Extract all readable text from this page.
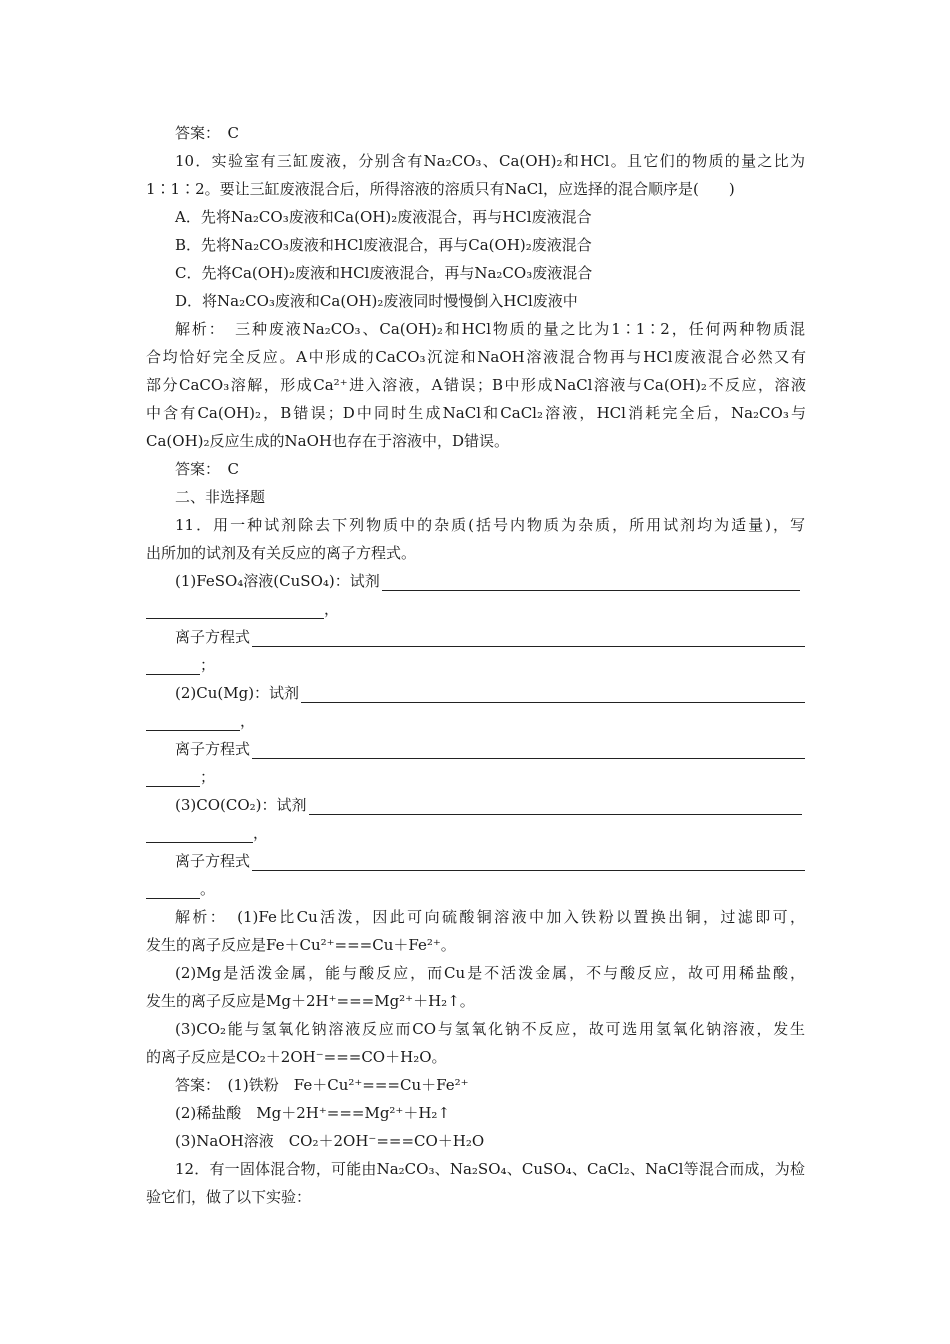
答案：　C
10．实验室有三缸废液，分别含有Na₂CO₃、Ca(OH)₂和HCl。且它们的物质的量之比为
1∶1∶2。要让三缸废液混合后，所得溶液的溶质只有NaCl，应选择的混合顺序是(　　)
A．先将Na₂CO₃废液和Ca(OH)₂废液混合，再与HCl废液混合
B．先将Na₂CO₃废液和HCl废液混合，再与Ca(OH)₂废液混合
C．先将Ca(OH)₂废液和HCl废液混合，再与Na₂CO₃废液混合
D．将Na₂CO₃废液和Ca(OH)₂废液同时慢慢倒入HCl废液中
解析：　三种废液Na₂CO₃、Ca(OH)₂和HCl物质的量之比为1∶1∶2，任何两种物质混
合均恰好完全反应。A中形成的CaCO₃沉淀和NaOH溶液混合物再与HCl废液混合必然又有
部分CaCO₃溶解，形成Ca²⁺进入溶液，A错误；B中形成NaCl溶液与Ca(OH)₂不反应，溶液
中含有Ca(OH)₂，B错误；D中同时生成NaCl和CaCl₂溶液，HCl消耗完全后，Na₂CO₃与
Ca(OH)₂反应生成的NaOH也存在于溶液中，D错误。
答案：　C
二、非选择题
11．用一种试剂除去下列物质中的杂质(括号内物质为杂质，所用试剂均为适量)，写
出所加的试剂及有关反应的离子方程式。
(1)FeSO₄溶液(CuSO₄)：试剂
，
离子方程式
；
(2)Cu(Mg)：试剂
，
离子方程式
；
(3)CO(CO₂)：试剂
，
离子方程式
。
解析：　(1)Fe比Cu活泼，因此可向硫酸铜溶液中加入铁粉以置换出铜，过滤即可，
发生的离子反应是Fe＋Cu²⁺===Cu＋Fe²⁺。
(2)Mg是活泼金属，能与酸反应，而Cu是不活泼金属，不与酸反应，故可用稀盐酸，
发生的离子反应是Mg＋2H⁺===Mg²⁺＋H₂↑。
(3)CO₂能与氢氧化钠溶液反应而CO与氢氧化钠不反应，故可选用氢氧化钠溶液，发生
的离子反应是CO₂＋2OH⁻===CO＋H₂O。
答案：　(1)铁粉　Fe＋Cu²⁺===Cu＋Fe²⁺
(2)稀盐酸　Mg＋2H⁺===Mg²⁺＋H₂↑
(3)NaOH溶液　CO₂＋2OH⁻===CO＋H₂O
12．有一固体混合物，可能由Na₂CO₃、Na₂SO₄、CuSO₄、CaCl₂、NaCl等混合而成，为检
验它们，做了以下实验：
